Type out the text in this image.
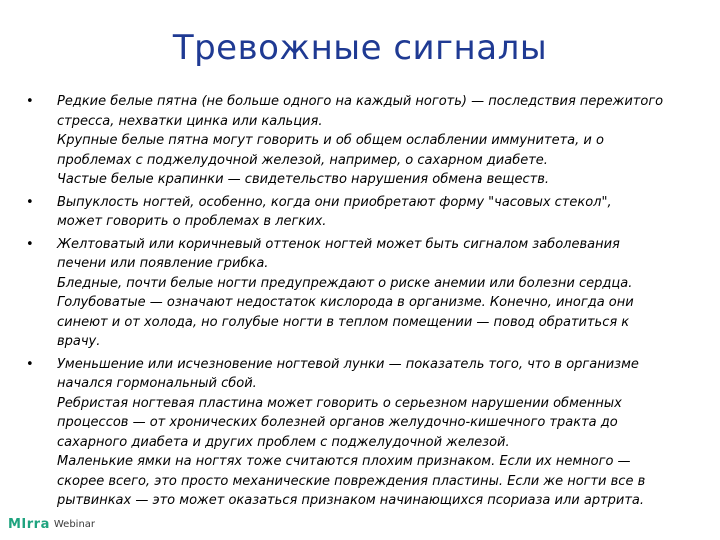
Тревожные сигналы
• Редкие белые пятна (не больше одного на каждый ноготь) — последствия пережитого
стресса, нехватки цинка или кальция.
Крупные белые пятна могут говорить и об общем ослаблении иммунитета, и о
проблемах с поджелудочной железой, например, о сахарном диабете.
Частые белые крапинки — свидетельство нарушения обмена веществ.
• Выпуклость ногтей, особенно, когда они приобретают форму "часовых стекол",
может говорить о проблемах в легких.
• Желтоватый или коричневый оттенок ногтей может быть сигналом заболевания
печени или появление грибка.
Бледные, почти белые ногти предупреждают о риске анемии или болезни сердца.
Голубоватые — означают недостаток кислорода в организме. Конечно, иногда они
синеют и от холода, но голубые ногти в теплом помещении — повод обратиться к
врачу.
• Уменьшение или исчезновение ногтевой лунки — показатель того, что в организме
начался гормональный сбой.
Ребристая ногтевая пластина может говорить о серьезном нарушении обменных
процессов — от хронических болезней органов желудочно-кишечного тракта до
сахарного диабета и других проблем с поджелудочной железой.
Маленькие ямки на ногтях тоже считаются плохим признаком. Если их немного —
скорее всего, это просто механические повреждения пластины. Если же ногти все в
рытвинках — это может оказаться признаком начинающихся псориаза или артрита.
MIrra Webinar
